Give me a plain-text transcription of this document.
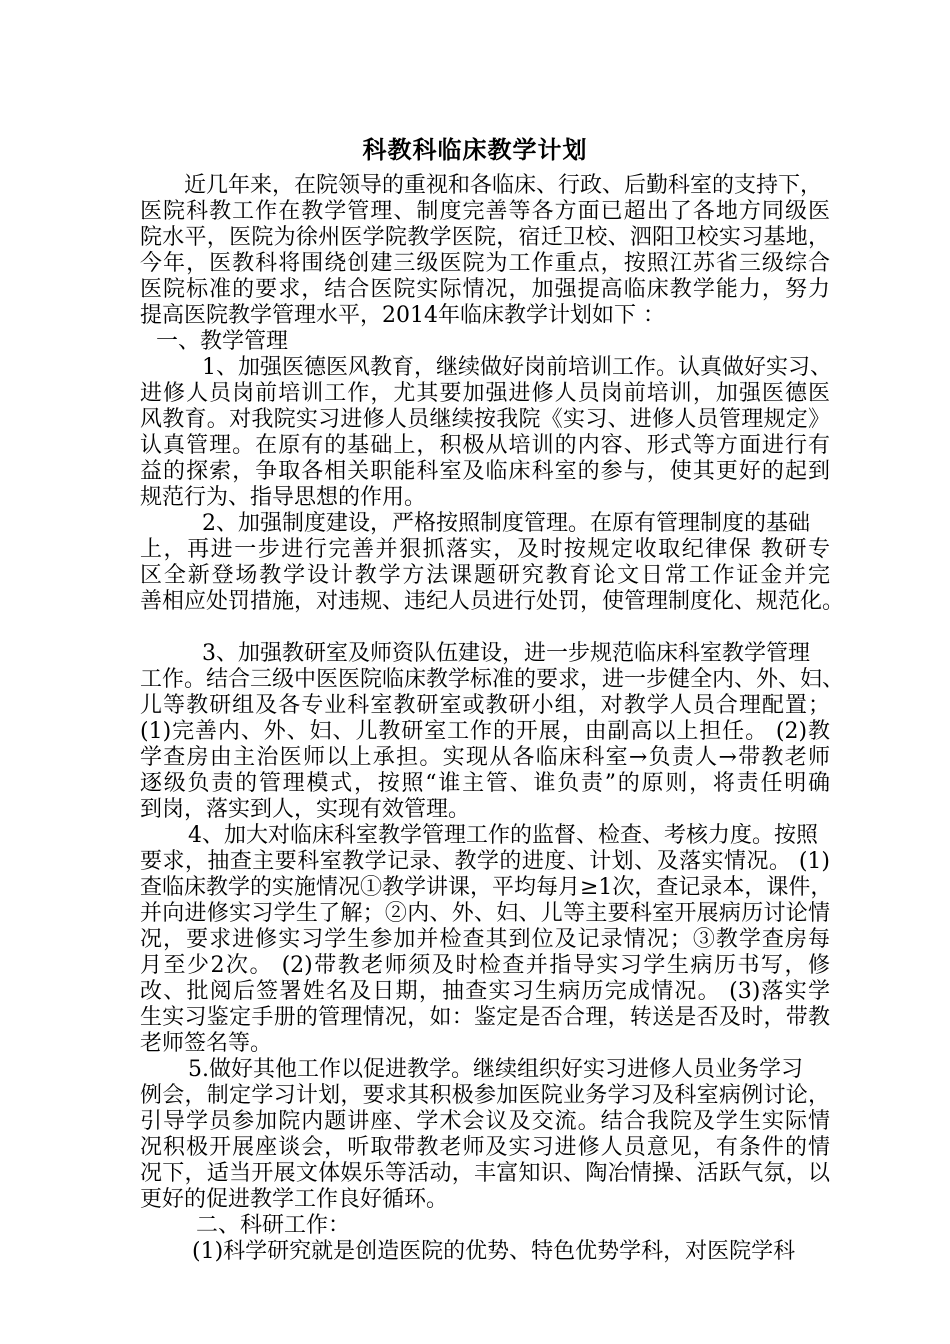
科教科临床教学计划
近几年来，在院领导的重视和各临床、行政、后勤科室的支持下，
医院科教工作在教学管理、制度完善等各方面已超出了各地方同级医
院水平，医院为徐州医学院教学医院，宿迁卫校、泗阳卫校实习基地，
今年，医教科将围绕创建三级医院为工作重点，按照江苏省三级综合
医院标准的要求，结合医院实际情况，加强提高临床教学能力，努力
提高医院教学管理水平，2014年临床教学计划如下 ：
一、教学管理
1、加强医德医风教育，继续做好岗前培训工作。认真做好实习、
进修人员岗前培训工作，尤其要加强进修人员岗前培训，加强医德医
风教育。对我院实习进修人员继续按我院《实习、进修人员管理规定》
认真管理。在原有的基础上，积极从培训的内容、形式等方面进行有
益的探索，争取各相关职能科室及临床科室的参与，使其更好的起到
规范行为、指导思想的作用。
2、加强制度建设，严格按照制度管理。在原有管理制度的基础
上，再进一步进行完善并狠抓落实，及时按规定收取纪律保 教研专
区全新登场教学设计教学方法课题研究教育论文日常工作证金并完
善相应处罚措施，对违规、违纪人员进行处罚，使管理制度化、规范化。
3、加强教研室及师资队伍建设，进一步规范临床科室教学管理
工作。结合三级中医医院临床教学标准的要求，进一步健全内、外、妇、
儿等教研组及各专业科室教研室或教研小组，对教学人员合理配置；
(1)完善内、外、妇、儿教研室工作的开展，由副高以上担任。 (2)教
学查房由主治医师以上承担。实现从各临床科室→负责人→带教老师
逐级负责的管理模式，按照“谁主管、谁负责”的原则，将责任明确
到岗，落实到人，实现有效管理。
4、加大对临床科室教学管理工作的监督、检查、考核力度。按照
要求，抽查主要科室教学记录、教学的进度、计划、及落实情况。 (1)
查临床教学的实施情况①教学讲课，平均每月≥1次，查记录本，课件，
并向进修实习学生了解；②内、外、妇、儿等主要科室开展病历讨论情
况，要求进修实习学生参加并检查其到位及记录情况；③教学查房每
月至少2次。 (2)带教老师须及时检查并指导实习学生病历书写，修
改、批阅后签署姓名及日期，抽查实习生病历完成情况。 (3)落实学
生实习鉴定手册的管理情况，如：鉴定是否合理，转送是否及时，带教
老师签名等。
5.做好其他工作以促进教学。继续组织好实习进修人员业务学习
例会，制定学习计划，要求其积极参加医院业务学习及科室病例讨论，
引导学员参加院内题讲座、学术会议及交流。结合我院及学生实际情
况积极开展座谈会，听取带教老师及实习进修人员意见，有条件的情
况下，适当开展文体娱乐等活动，丰富知识、陶冶情操、活跃气氛，以
更好的促进教学工作良好循环。
二、科研工作：
(1)科学研究就是创造医院的优势、特色优势学科，对医院学科
